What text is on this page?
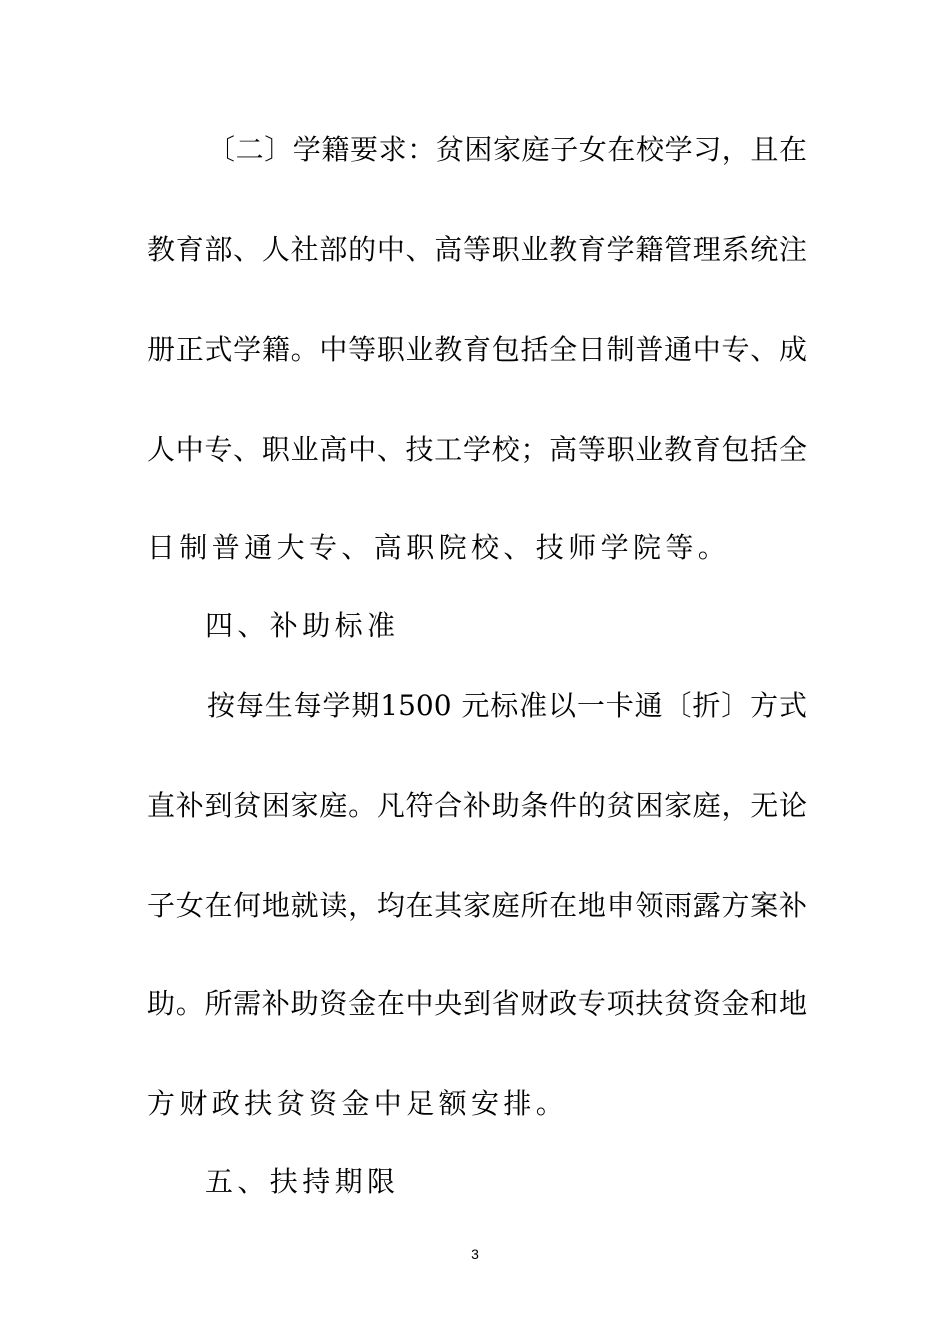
〔二〕学籍要求：贫困家庭子女在校学习，且在
教育部、人社部的中、高等职业教育学籍管理系统注
册正式学籍。中等职业教育包括全日制普通中专、成
人中专、职业高中、技工学校；高等职业教育包括全
日制普通大专、高职院校、技师学院等。
四、补助标准
按每生每学期1500 元标准以一卡通〔折〕方式
直补到贫困家庭。凡符合补助条件的贫困家庭，无论
子女在何地就读，均在其家庭所在地申领雨露方案补
助。所需补助资金在中央到省财政专项扶贫资金和地
方财政扶贫资金中足额安排。
五、扶持期限
3
